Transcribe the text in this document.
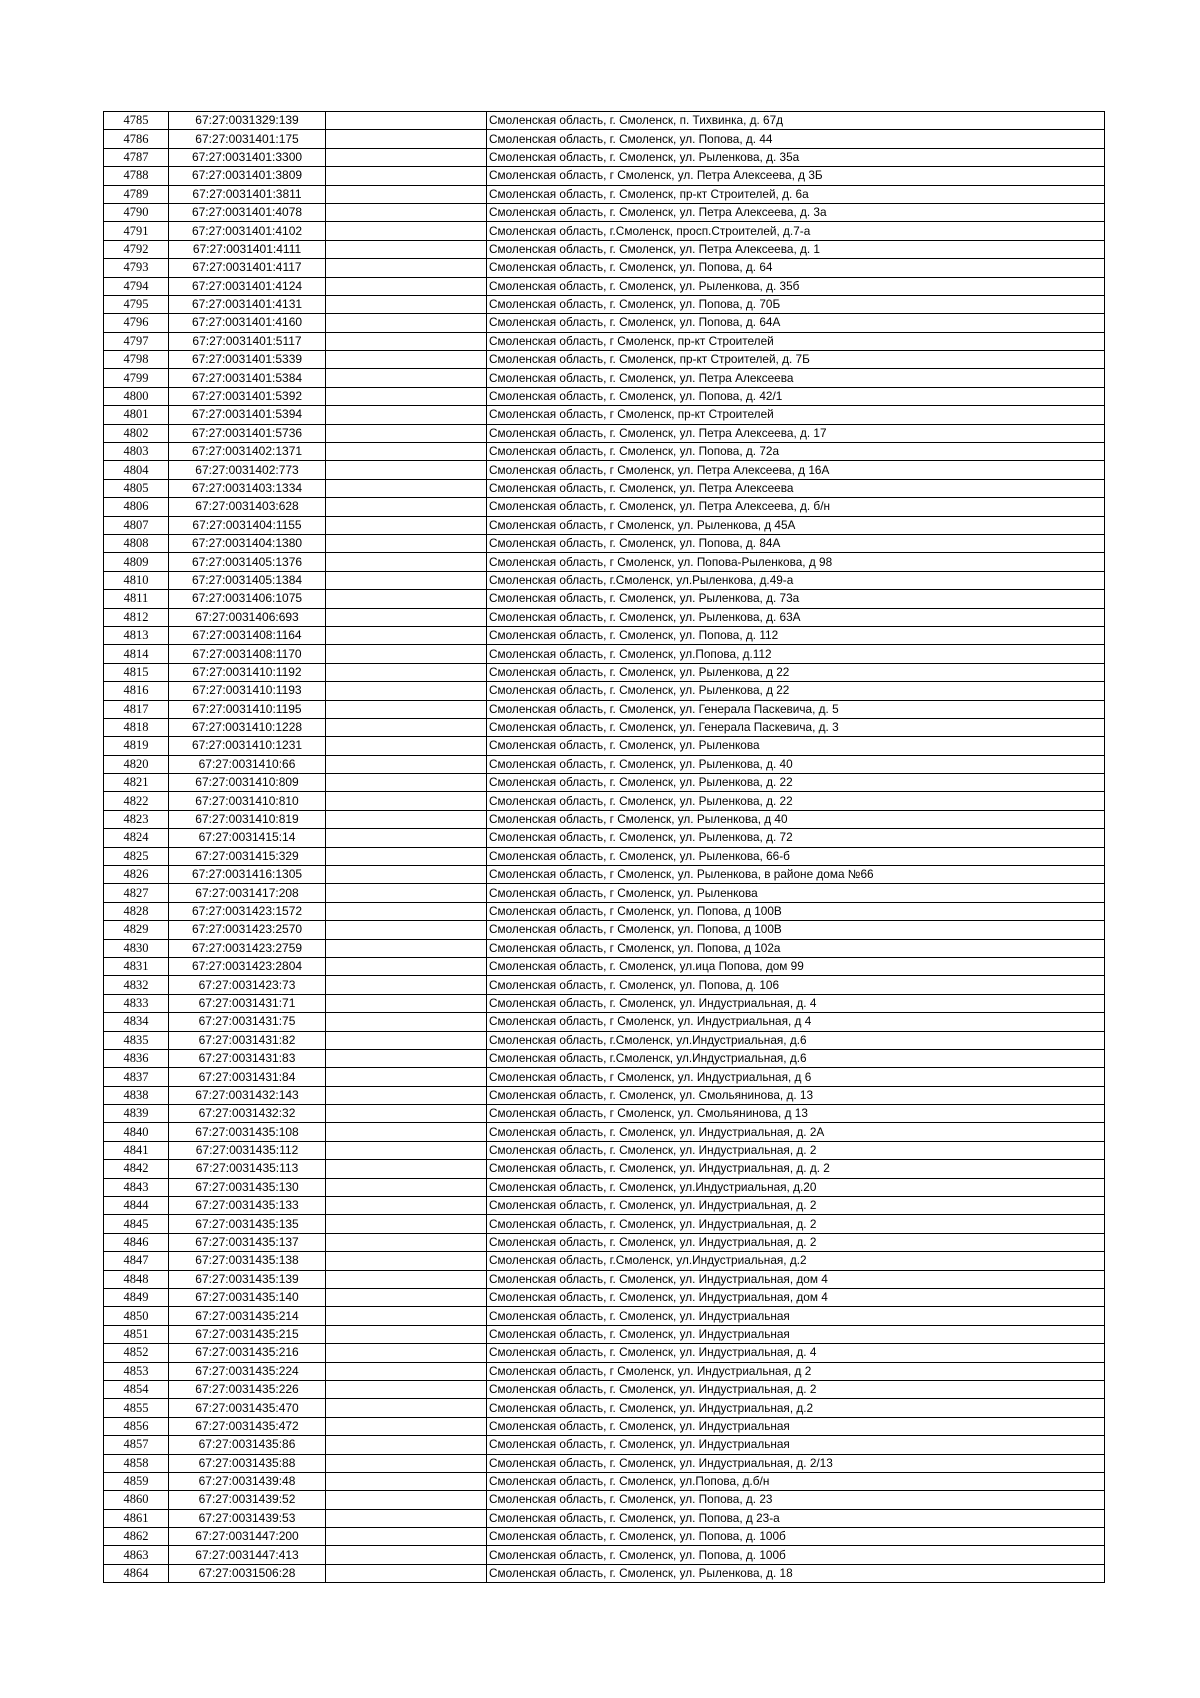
4785	67:27:0031329:139		Смоленская область, г. Смоленск, п. Тихвинка, д. 67д
4786	67:27:0031401:175		Смоленская область, г. Смоленск, ул. Попова, д. 44
4787	67:27:0031401:3300		Смоленская область, г. Смоленск, ул. Рыленкова, д. 35а
4788	67:27:0031401:3809		Смоленская область, г Смоленск, ул. Петра Алексеева, д 3Б
4789	67:27:0031401:3811		Смоленская область, г. Смоленск, пр-кт Строителей, д. 6а
4790	67:27:0031401:4078		Смоленская область, г. Смоленск, ул. Петра Алексеева, д. 3а
4791	67:27:0031401:4102		Смоленская область, г.Смоленск, просп.Строителей, д.7-а
4792	67:27:0031401:4111		Смоленская область, г. Смоленск, ул. Петра Алексеева, д. 1
4793	67:27:0031401:4117		Смоленская область, г. Смоленск, ул. Попова, д. 64
4794	67:27:0031401:4124		Смоленская область, г. Смоленск, ул. Рыленкова, д. 35б
4795	67:27:0031401:4131		Смоленская область, г. Смоленск, ул. Попова, д. 70Б
4796	67:27:0031401:4160		Смоленская область, г. Смоленск, ул. Попова, д. 64А
4797	67:27:0031401:5117		Смоленская область, г Смоленск, пр-кт Строителей
4798	67:27:0031401:5339		Смоленская область, г. Смоленск, пр-кт Строителей, д. 7Б
4799	67:27:0031401:5384		Смоленская область, г. Смоленск, ул. Петра Алексеева
4800	67:27:0031401:5392		Смоленская область, г. Смоленск, ул. Попова, д. 42/1
4801	67:27:0031401:5394		Смоленская область, г Смоленск, пр-кт Строителей
4802	67:27:0031401:5736		Смоленская область, г. Смоленск, ул. Петра Алексеева, д. 17
4803	67:27:0031402:1371		Смоленская область, г. Смоленск, ул. Попова, д. 72а
4804	67:27:0031402:773		Смоленская область, г Смоленск, ул. Петра Алексеева, д 16А
4805	67:27:0031403:1334		Смоленская область, г. Смоленск, ул. Петра Алексеева
4806	67:27:0031403:628		Смоленская область, г. Смоленск, ул. Петра Алексеева, д. б/н
4807	67:27:0031404:1155		Смоленская область, г Смоленск, ул. Рыленкова, д 45А
4808	67:27:0031404:1380		Смоленская область, г. Смоленск, ул. Попова, д. 84А
4809	67:27:0031405:1376		Смоленская область, г Смоленск, ул. Попова-Рыленкова, д 98
4810	67:27:0031405:1384		Смоленская область, г.Смоленск, ул.Рыленкова, д.49-а
4811	67:27:0031406:1075		Смоленская область, г. Смоленск, ул. Рыленкова, д. 73а
4812	67:27:0031406:693		Смоленская область, г. Смоленск, ул. Рыленкова, д. 63А
4813	67:27:0031408:1164		Смоленская область, г. Смоленск, ул. Попова, д. 112
4814	67:27:0031408:1170		Смоленская область, г. Смоленск, ул.Попова, д.112
4815	67:27:0031410:1192		Смоленская область, г. Смоленск, ул. Рыленкова, д 22
4816	67:27:0031410:1193		Смоленская область, г. Смоленск, ул. Рыленкова, д 22
4817	67:27:0031410:1195		Смоленская область, г. Смоленск, ул. Генерала Паскевича, д. 5
4818	67:27:0031410:1228		Смоленская область, г. Смоленск, ул. Генерала Паскевича, д. 3
4819	67:27:0031410:1231		Смоленская область, г. Смоленск, ул. Рыленкова
4820	67:27:0031410:66		Смоленская область, г. Смоленск, ул. Рыленкова, д. 40
4821	67:27:0031410:809		Смоленская область, г. Смоленск, ул. Рыленкова, д. 22
4822	67:27:0031410:810		Смоленская область, г. Смоленск, ул. Рыленкова, д. 22
4823	67:27:0031410:819		Смоленская область, г Смоленск, ул. Рыленкова, д 40
4824	67:27:0031415:14		Смоленская область, г. Смоленск, ул. Рыленкова, д. 72
4825	67:27:0031415:329		Смоленская область, г. Смоленск, ул. Рыленкова, 66-б
4826	67:27:0031416:1305		Смоленская область, г Смоленск, ул. Рыленкова, в районе дома №66
4827	67:27:0031417:208		Смоленская область, г Смоленск, ул. Рыленкова
4828	67:27:0031423:1572		Смоленская область, г Смоленск, ул. Попова, д 100В
4829	67:27:0031423:2570		Смоленская область, г Смоленск, ул. Попова, д 100В
4830	67:27:0031423:2759		Смоленская область, г Смоленск, ул. Попова, д 102а
4831	67:27:0031423:2804		Смоленская область, г. Смоленск, ул.ица Попова, дом 99
4832	67:27:0031423:73		Смоленская область, г. Смоленск, ул. Попова, д. 106
4833	67:27:0031431:71		Смоленская область, г. Смоленск, ул. Индустриальная, д. 4
4834	67:27:0031431:75		Смоленская область, г Смоленск, ул. Индустриальная, д 4
4835	67:27:0031431:82		Смоленская область, г.Смоленск, ул.Индустриальная, д.6
4836	67:27:0031431:83		Смоленская область, г.Смоленск, ул.Индустриальная, д.6
4837	67:27:0031431:84		Смоленская область, г Смоленск, ул. Индустриальная, д 6
4838	67:27:0031432:143		Смоленская область, г. Смоленск, ул. Смольянинова, д. 13
4839	67:27:0031432:32		Смоленская область, г Смоленск, ул. Смольянинова, д 13
4840	67:27:0031435:108		Смоленская область, г. Смоленск, ул. Индустриальная, д. 2А
4841	67:27:0031435:112		Смоленская область, г. Смоленск, ул. Индустриальная, д. 2
4842	67:27:0031435:113		Смоленская область, г. Смоленск, ул. Индустриальная, д. д. 2
4843	67:27:0031435:130		Смоленская область, г. Смоленск, ул.Индустриальная, д.20
4844	67:27:0031435:133		Смоленская область, г. Смоленск, ул. Индустриальная, д. 2
4845	67:27:0031435:135		Смоленская область, г. Смоленск, ул. Индустриальная, д. 2
4846	67:27:0031435:137		Смоленская область, г. Смоленск, ул. Индустриальная, д. 2
4847	67:27:0031435:138		Смоленская область, г.Смоленск, ул.Индустриальная, д.2
4848	67:27:0031435:139		Смоленская область, г. Смоленск, ул. Индустриальная, дом 4
4849	67:27:0031435:140		Смоленская область, г. Смоленск, ул. Индустриальная, дом 4
4850	67:27:0031435:214		Смоленская область, г. Смоленск, ул. Индустриальная
4851	67:27:0031435:215		Смоленская область, г. Смоленск, ул. Индустриальная
4852	67:27:0031435:216		Смоленская область, г. Смоленск, ул. Индустриальная, д. 4
4853	67:27:0031435:224		Смоленская область, г Смоленск, ул. Индустриальная, д 2
4854	67:27:0031435:226		Смоленская область, г. Смоленск, ул. Индустриальная, д. 2
4855	67:27:0031435:470		Смоленская область, г. Смоленск, ул. Индустриальная, д.2
4856	67:27:0031435:472		Смоленская область, г. Смоленск, ул. Индустриальная
4857	67:27:0031435:86		Смоленская область, г. Смоленск, ул. Индустриальная
4858	67:27:0031435:88		Смоленская область, г. Смоленск, ул. Индустриальная, д. 2/13
4859	67:27:0031439:48		Смоленская область, г. Смоленск, ул.Попова, д.б/н
4860	67:27:0031439:52		Смоленская область, г. Смоленск, ул. Попова, д. 23
4861	67:27:0031439:53		Смоленская область, г. Смоленск, ул. Попова, д 23-а
4862	67:27:0031447:200		Смоленская область, г. Смоленск, ул. Попова, д. 100б
4863	67:27:0031447:413		Смоленская область, г. Смоленск, ул. Попова, д. 100б
4864	67:27:0031506:28		Смоленская область, г. Смоленск, ул. Рыленкова, д. 18
